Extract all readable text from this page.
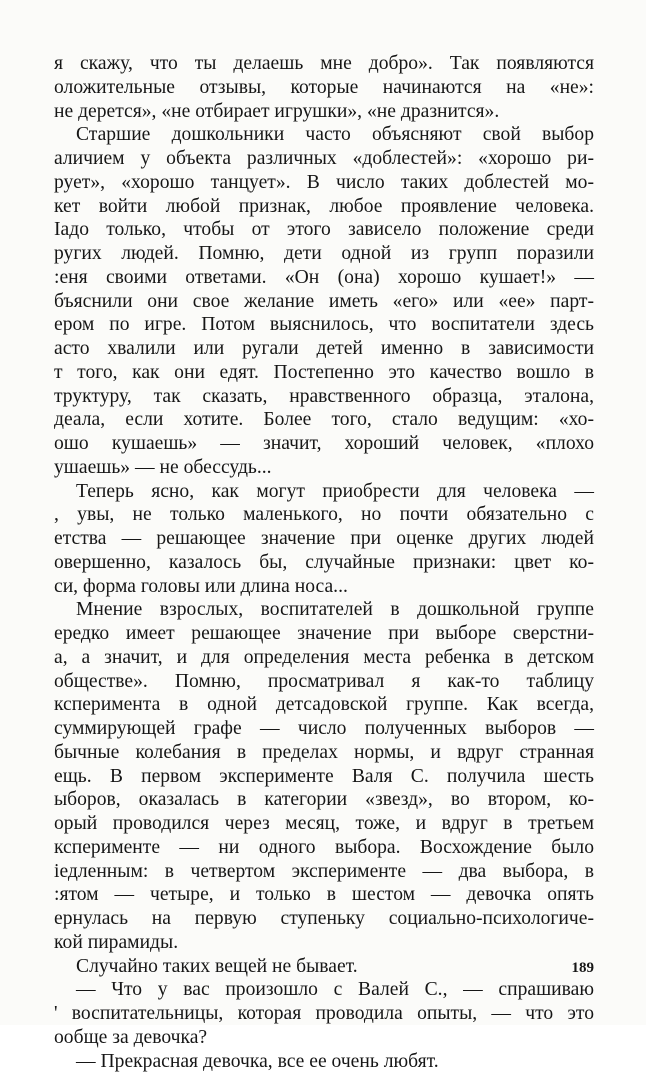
я скажу, что ты делаешь мне добро». Так появляются
оложительные отзывы, которые начинаются на «не»:
не дерется», «не отбирает игрушки», «не дразнится».
Старшие дошкольники часто объясняют свой выбор
аличием у объекта различных «доблестей»: «хорошо ри-
рует», «хорошо танцует». В число таких доблестей мо-
кет войти любой признак, любое проявление человека.
Іадо только, чтобы от этого зависело положение среди
ругих людей. Помню, дети одной из групп поразили
:еня своими ответами. «Он (она) хорошо кушает!» —
бъяснили они свое желание иметь «его» или «ее» парт-
ером по игре. Потом выяснилось, что воспитатели здесь
асто хвалили или ругали детей именно в зависимости
т того, как они едят. Постепенно это качество вошло в
труктуру, так сказать, нравственного образца, эталона,
деала, если хотите. Более того, стало ведущим: «хо-
ошо кушаешь» — значит, хороший человек, «плохо
ушаешь» — не обессудь...
Теперь ясно, как могут приобрести для человека —
, увы, не только маленького, но почти обязательно с
етства — решающее значение при оценке других людей
овершенно, казалось бы, случайные признаки: цвет ко-
си, форма головы или длина носа...
Мнение взрослых, воспитателей в дошкольной группе
ередко имеет решающее значение при выборе сверстни-
а, а значит, и для определения места ребенка в детском
обществе». Помню, просматривал я как-то таблицу
ксперимента в одной детсадовской группе. Как всегда,
суммирующей графе — число полученных выборов —
бычные колебания в пределах нормы, и вдруг странная
ещь. В первом эксперименте Валя С. получила шесть
ыборов, оказалась в категории «звезд», во втором, ко-
орый проводился через месяц, тоже, и вдруг в третьем
ксперименте — ни одного выбора. Восхождение было
іедленным: в четвертом эксперименте — два выбора, в
:ятом — четыре, и только в шестом — девочка опять
ернулась на первую ступеньку социально-психологиче-
кой пирамиды.
Случайно таких вещей не бывает.
— Что у вас произошло с Валей С., — спрашиваю
' воспитательницы, которая проводила опыты, — что это
ообще за девочка?
— Прекрасная девочка, все ее очень любят.
189
